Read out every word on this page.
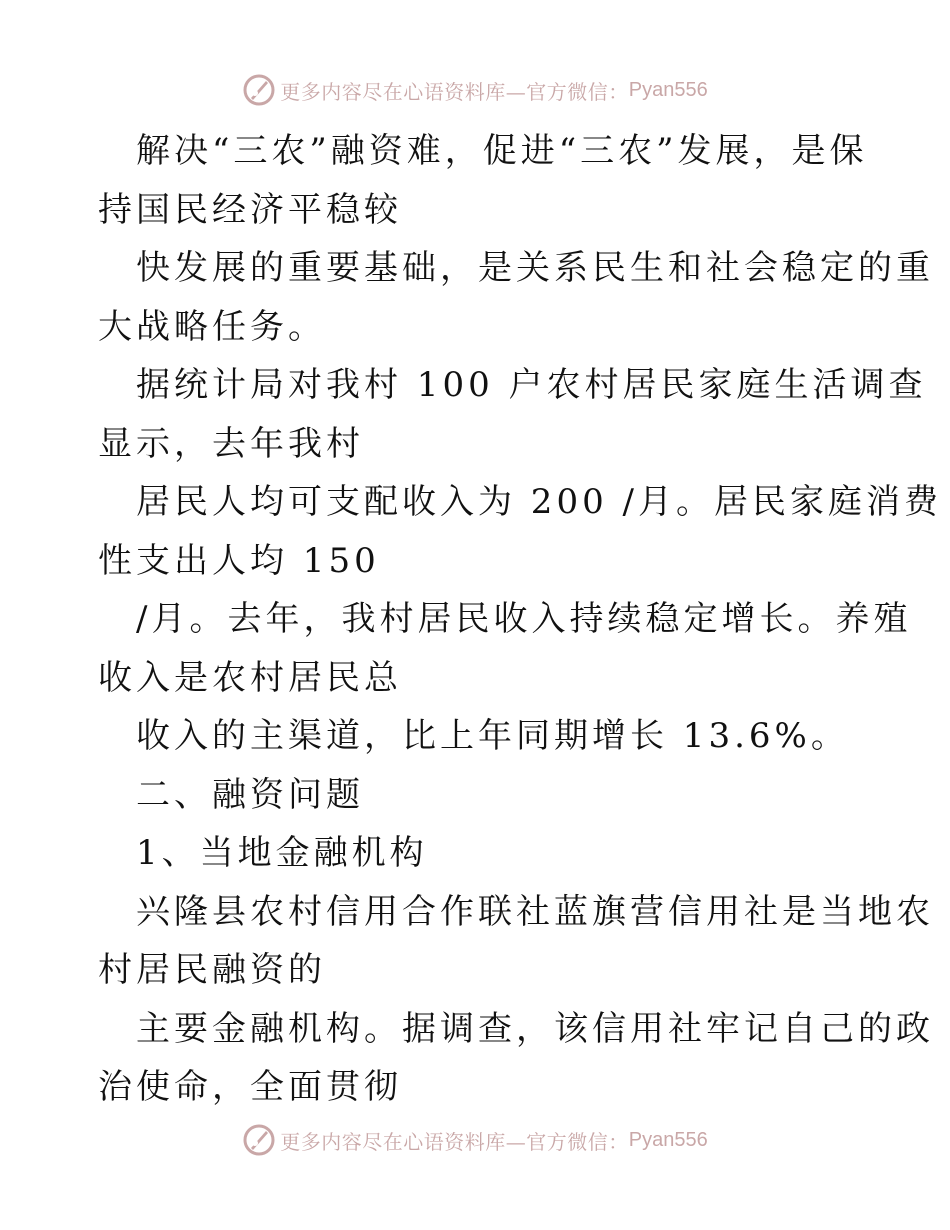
更多内容尽在心语资料库—官方微信： Pyan556
解决“三农”融资难，促进“三农”发展，是保
持国民经济平稳较
快发展的重要基础，是关系民生和社会稳定的重
大战略任务。
据统计局对我村 100 户农村居民家庭生活调查
显示，去年我村
居民人均可支配收入为 200 /月。居民家庭消费
性支出人均 150
/月。去年，我村居民收入持续稳定增长。养殖
收入是农村居民总
收入的主渠道，比上年同期增长 13.6%。
二、融资问题
1、当地金融机构
兴隆县农村信用合作联社蓝旗营信用社是当地农
村居民融资的
主要金融机构。据调查，该信用社牢记自己的政
治使命，全面贯彻
更多内容尽在心语资料库—官方微信： Pyan556
